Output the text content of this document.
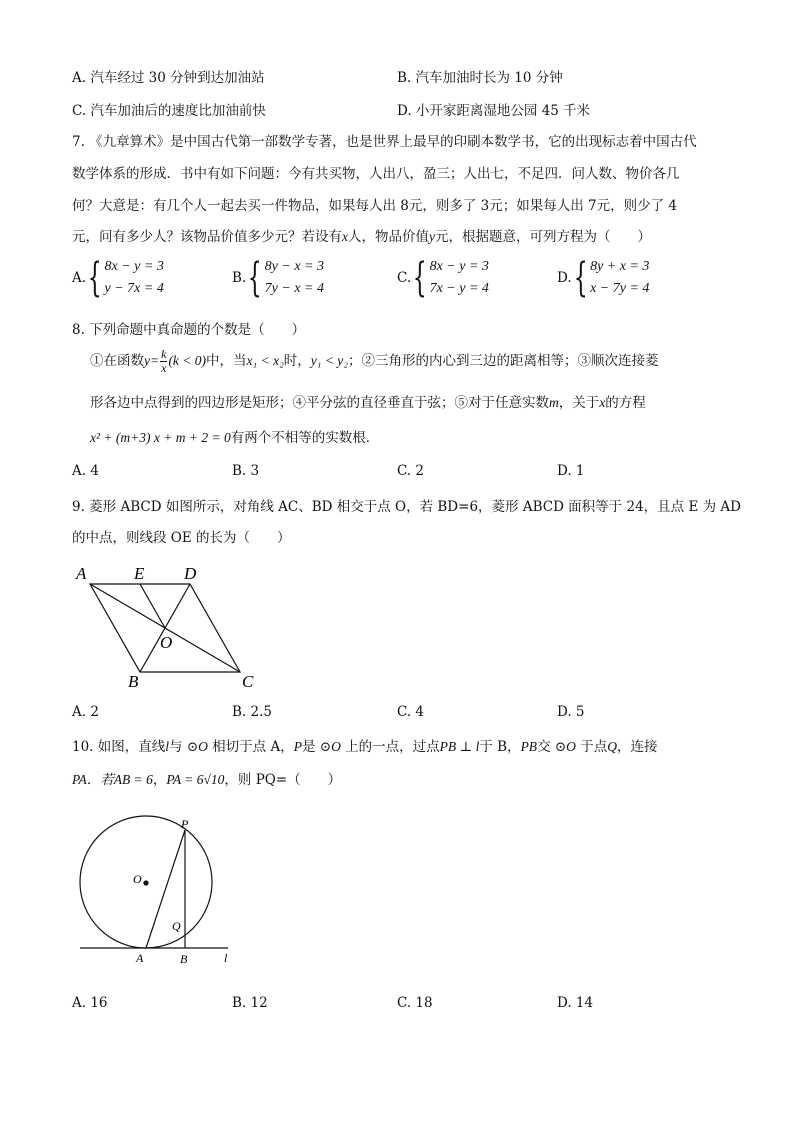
A. 汽车经过 30 分钟到达加油站	B. 汽车加油时长为 10 分钟
C. 汽车加油后的速度比加油前快	D. 小开家距离湿地公园 45 千米
7. 《九章算术》是中国古代第一部数学专著，也是世界上最早的印刷本数学书，它的出现标志着中国古代
数学体系的形成．书中有如下问题：今有共买物，人出八，盈三；人出七，不足四．问人数、物价各几
何？大意是：有几个人一起去买一件物品，如果每人出 8元，则多了 3元；如果每人出 7元，则少了 4
元，问有多少人？该物品价值多少元？若设有x人，物品价值y元，根据题意，可列方程为（　　）
A. { 8x − y = 3
y − 7x = 4
B. { 8y − x = 3
7y − x = 4
C. { 8x − y = 3
7x − y = 4
D. { 8y + x = 3
x − 7y = 4
8. 下列命题中真命题的个数是（　　）
①在函数$y= \frac{k}{x} (k < 0)$中，当x₁ < x₂时，y₁ < y₂；②三角形的内心到三边的距离相等；③顺次连接菱
形各边中点得到的四边形是矩形；④平分弦的直径垂直于弦；⑤对于任意实数m，关于x的方程
x² + (m+3) x + m + 2 = 0有两个不相等的实数根．
A. 4	B. 3	C. 2	D. 1
9. 菱形 ABCD 如图所示，对角线 AC、BD 相交于点 O，若 BD=6，菱形 ABCD 面积等于 24，且点 E 为 AD
的中点，则线段 OE 的长为（　　）
A	E D
O
B	C
A. 2	B. 2.5	C. 4	D. 5
10. 如图，直线l与 ⊙O 相切于点 A，P是 ⊙O 上的一点，过点PB ⊥ l于 B，PB交 ⊙O 于点Q，连接
PA．若AB = 6，PA = 6√10，则 PQ=（　　）
P
O
Q
A	B	l
A. 16	B. 12	C. 18	D. 14
